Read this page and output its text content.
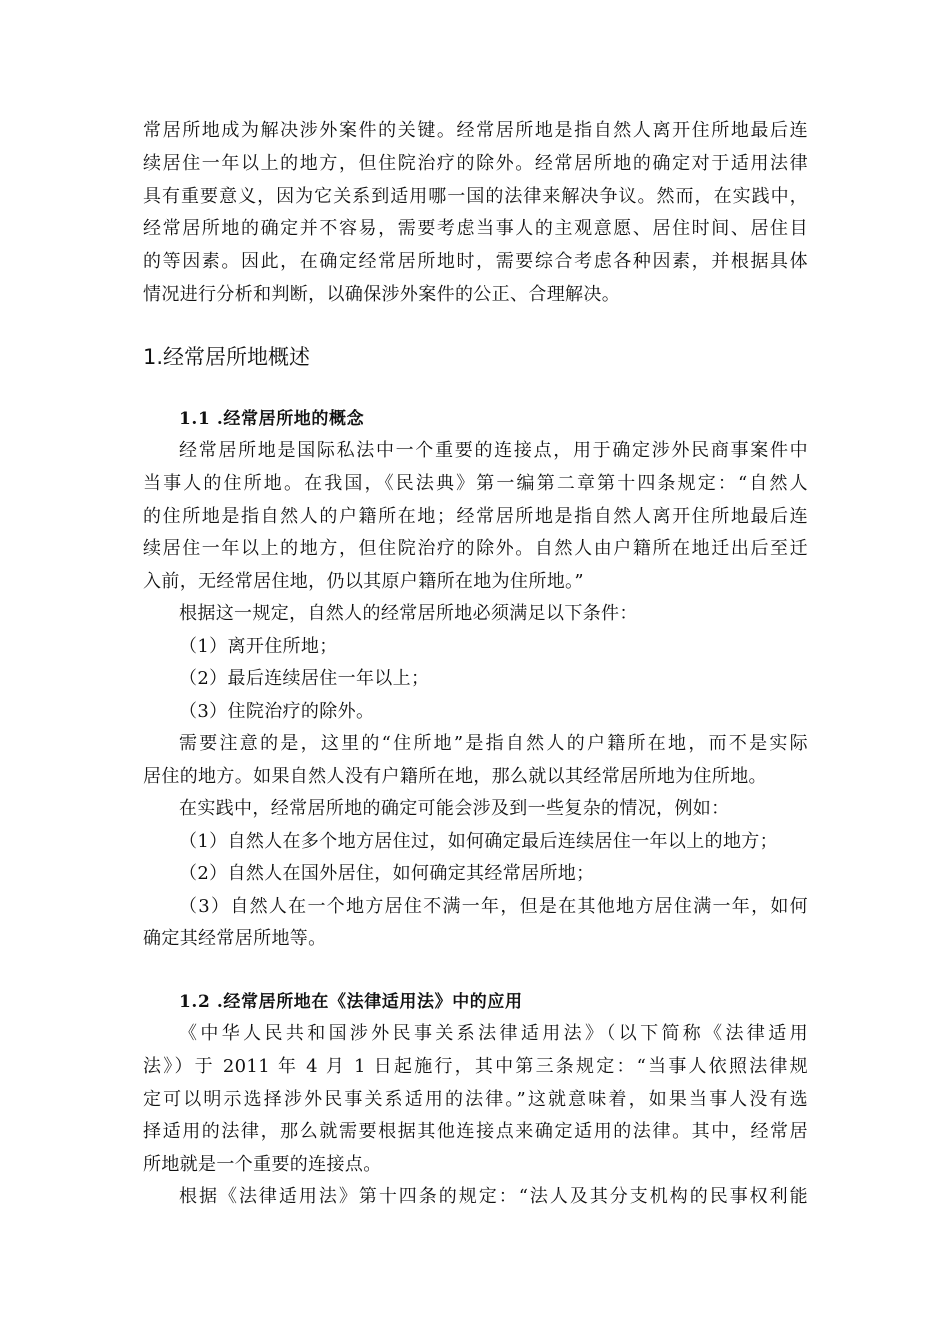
常居所地成为解决涉外案件的关键。经常居所地是指自然人离开住所地最后连
续居住一年以上的地方，但住院治疗的除外。经常居所地的确定对于适用法律
具有重要意义，因为它关系到适用哪一国的法律来解决争议。然而，在实践中，
经常居所地的确定并不容易，需要考虑当事人的主观意愿、居住时间、居住目
的等因素。因此，在确定经常居所地时，需要综合考虑各种因素，并根据具体
情况进行分析和判断，以确保涉外案件的公正、合理解决。
1.经常居所地概述
1.1 .经常居所地的概念
经常居所地是国际私法中一个重要的连接点，用于确定涉外民商事案件中
当事人的住所地。在我国，《民法典》第一编第二章第十四条规定：“自然人
的住所地是指自然人的户籍所在地；经常居所地是指自然人离开住所地最后连
续居住一年以上的地方，但住院治疗的除外。自然人由户籍所在地迁出后至迁
入前，无经常居住地，仍以其原户籍所在地为住所地。”
根据这一规定，自然人的经常居所地必须满足以下条件：
（1）离开住所地；
（2）最后连续居住一年以上；
（3）住院治疗的除外。
需要注意的是，这里的“住所地”是指自然人的户籍所在地，而不是实际
居住的地方。如果自然人没有户籍所在地，那么就以其经常居所地为住所地。
在实践中，经常居所地的确定可能会涉及到一些复杂的情况，例如：
（1）自然人在多个地方居住过，如何确定最后连续居住一年以上的地方；
（2）自然人在国外居住，如何确定其经常居所地；
（3）自然人在一个地方居住不满一年，但是在其他地方居住满一年，如何
确定其经常居所地等。
1.2 .经常居所地在《法律适用法》中的应用
《中华人民共和国涉外民事关系法律适用法》（以下简称《法律适用
法》）于 2011 年 4 月 1 日起施行，其中第三条规定：“当事人依照法律规
定可以明示选择涉外民事关系适用的法律。”这就意味着，如果当事人没有选
择适用的法律，那么就需要根据其他连接点来确定适用的法律。其中，经常居
所地就是一个重要的连接点。
根据《法律适用法》第十四条的规定：“法人及其分支机构的民事权利能
